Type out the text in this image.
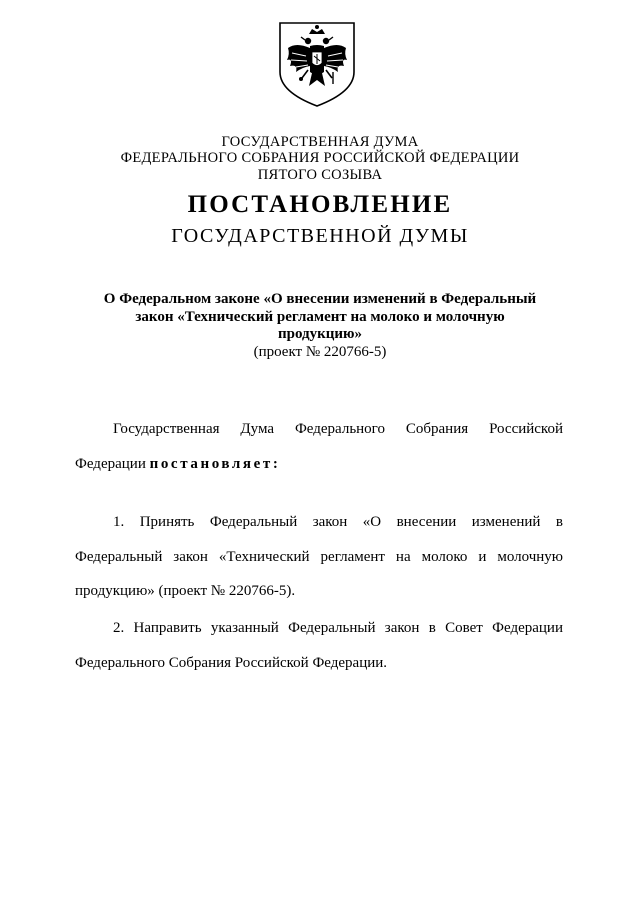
ГОСУДАРСТВЕННАЯ ДУМА
ФЕДЕРАЛЬНОГО СОБРАНИЯ РОССИЙСКОЙ ФЕДЕРАЦИИ
ПЯТОГО СОЗЫВА
ПОСТАНОВЛЕНИЕ
ГОСУДАРСТВЕННОЙ ДУМЫ
О Федеральном законе «О внесении изменений в Федеральный
закон «Технический регламент на молоко и молочную
продукцию»
(проект № 220766-5)
Государственная Дума Федерального Собрания Российской
Федерации постановляет:
1. Принять Федеральный закон «О внесении изменений в
Федеральный закон «Технический регламент на молоко и молочную
продукцию» (проект № 220766-5).
2. Направить указанный Федеральный закон в Совет Федерации
Федерального Собрания Российской Федерации.
